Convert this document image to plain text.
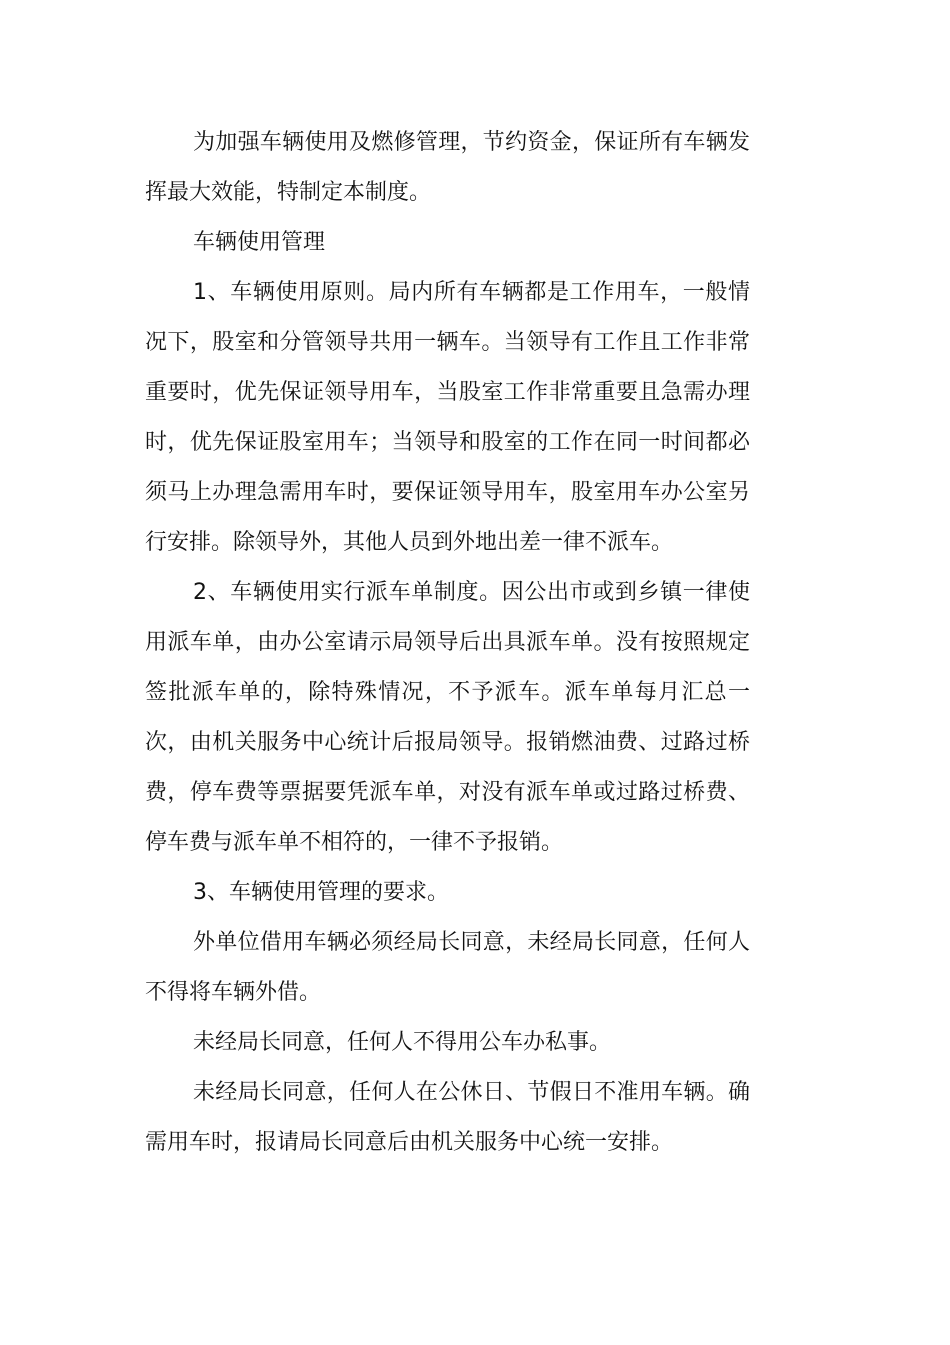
为加强车辆使用及燃修管理，节约资金，保证所有车辆发挥最大效能，特制定本制度。

车辆使用管理

1、车辆使用原则。局内所有车辆都是工作用车，一般情况下，股室和分管领导共用一辆车。当领导有工作且工作非常重要时，优先保证领导用车，当股室工作非常重要且急需办理时，优先保证股室用车；当领导和股室的工作在同一时间都必须马上办理急需用车时，要保证领导用车，股室用车办公室另行安排。除领导外，其他人员到外地出差一律不派车。

2、车辆使用实行派车单制度。因公出市或到乡镇一律使用派车单，由办公室请示局领导后出具派车单。没有按照规定签批派车单的，除特殊情况，不予派车。派车单每月汇总一次，由机关服务中心统计后报局领导。报销燃油费、过路过桥费，停车费等票据要凭派车单，对没有派车单或过路过桥费、停车费与派车单不相符的，一律不予报销。

3、车辆使用管理的要求。

外单位借用车辆必须经局长同意，未经局长同意，任何人不得将车辆外借。

未经局长同意，任何人不得用公车办私事。

未经局长同意，任何人在公休日、节假日不准用车辆。确需用车时，报请局长同意后由机关服务中心统一安排。
